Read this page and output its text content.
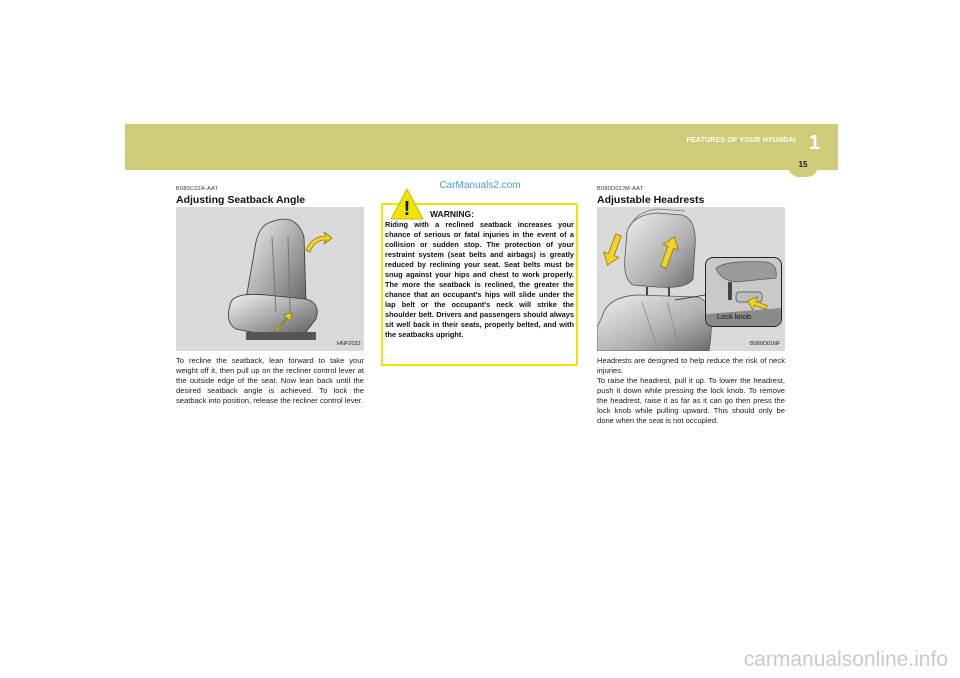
FEATURES OF YOUR HYUNDAI 1
15
B080C02A-AAT
Adjusting Seatback Angle
HNF2033

To recline the seatback, lean forward to take your weight off it, then pull up on the recliner control lever at the outside edge of the seat. Now lean back until the desired seatback angle is achieved. To lock the seatback into position, release the recliner control lever.

CarManuals2.com
! WARNING:

Riding with a reclined seatback increases your chance of serious or fatal injuries in the event of a collision or sudden stop. The protection of your restraint system (seat belts and airbags) is greatly reduced by reclining your seat. Seat belts must be snug against your hips and chest to work properly. The more the seatback is reclined, the greater the chance that an occupant's hips will slide under the lap belt or the occupant's neck will strike the shoulder belt. Drivers and passengers should always sit well back in their seats, properly belted, and with the seatbacks upright.

B080D02JM-AAT
Adjustable Headrests
Lock knob
B080D01NF

Headrests are designed to help reduce the risk of neck injuries.
To raise the headrest, pull it up. To lower the headrest, push it down while pressing the lock knob. To remove the headrest, raise it as far as it can go then press the lock knob while pulling upward. This should only be done when the seat is not occupied.

carmanualsonline.info
